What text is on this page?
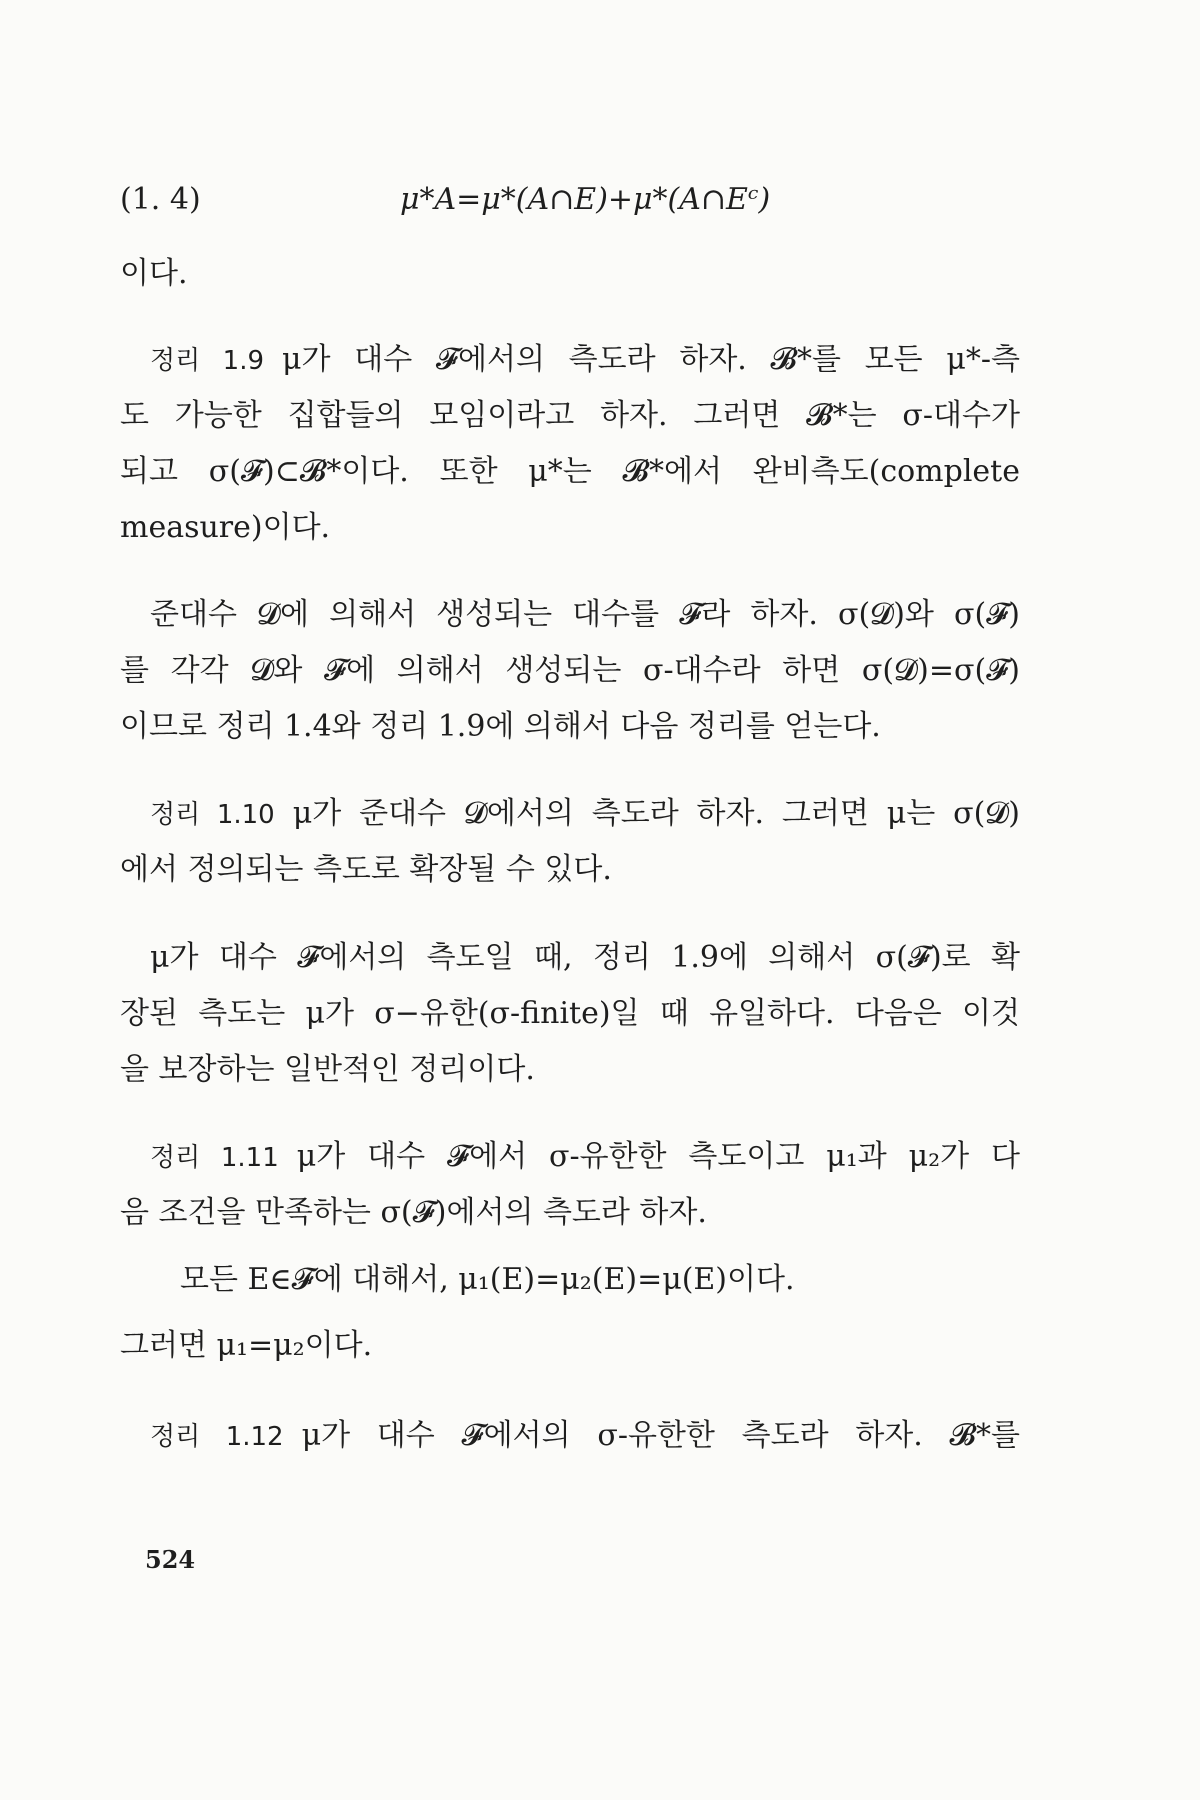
(1. 4)	μ*A=μ*(A∩E)+μ*(A∩Eᶜ)
이다.
정리 1.9 μ가 대수 𝓕에서의 측도라 하자. 𝓑*를 모든 μ*-측
도 가능한 집합들의 모임이라고 하자. 그러면 𝓑*는 σ-대수가
되고 σ(𝓕)⊂𝓑*이다. 또한 μ*는 𝓑*에서 완비측도(complete
measure)이다.
준대수 𝓓에 의해서 생성되는 대수를 𝓕라 하자. σ(𝓓)와 σ(𝓕)
를 각각 𝓓와 𝓕에 의해서 생성되는 σ-대수라 하면 σ(𝓓)=σ(𝓕)
이므로 정리 1.4와 정리 1.9에 의해서 다음 정리를 얻는다.
정리 1.10 μ가 준대수 𝓓에서의 측도라 하자. 그러면 μ는 σ(𝓓)
에서 정의되는 측도로 확장될 수 있다.
μ가 대수 𝓕에서의 측도일 때, 정리 1.9에 의해서 σ(𝓕)로 확
장된 측도는 μ가 σ−유한(σ-finite)일 때 유일하다. 다음은 이것
을 보장하는 일반적인 정리이다.
정리 1.11 μ가 대수 𝓕에서 σ-유한한 측도이고 μ₁과 μ₂가 다
음 조건을 만족하는 σ(𝓕)에서의 측도라 하자.
모든 E∈𝓕에 대해서, μ₁(E)=μ₂(E)=μ(E)이다.
그러면 μ₁=μ₂이다.
정리 1.12 μ가 대수 𝓕에서의 σ-유한한 측도라 하자. 𝓑*를
524
